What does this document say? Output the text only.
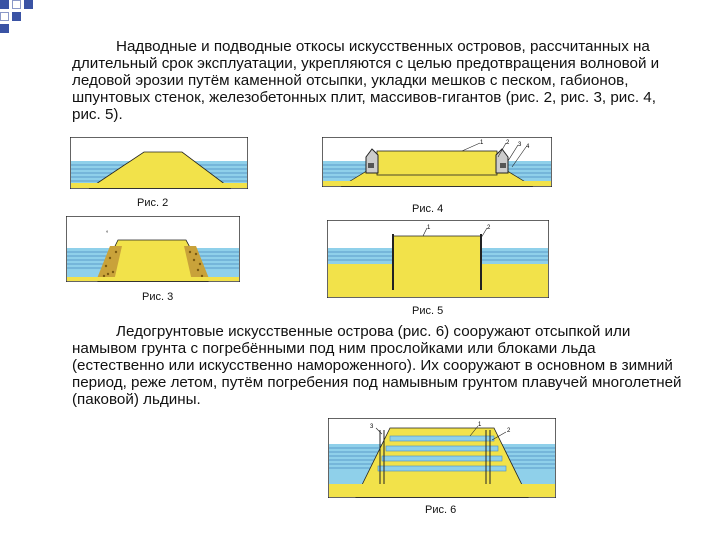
Надводные и подводные откосы искусственных островов, рассчитанных на длительный срок эксплуатации, укрепляются с целью предотвращения волновой и ледовой эрозии путём каменной отсыпки, укладки мешков с песком, габионов, шпунтовых стенок, железобетонных плит, массивов-гигантов (рис. 2, рис. 3, рис. 4, рис. 5).

Рис. 2
1	2 3 4
Рис. 4
°
Рис. 3
1	2
Рис. 5

Ледогрунтовые искусственные острова (рис. 6) сооружают отсыпкой или намывом грунта с погребёнными под ним прослойками или блоками льда (естественно или искусственно намороженного). Их сооружают в основном в зимний период, реже летом, путём погребения под намывным грунтом плавучей многолетней (паковой) льдины.

3	1
2
Рис. 6
